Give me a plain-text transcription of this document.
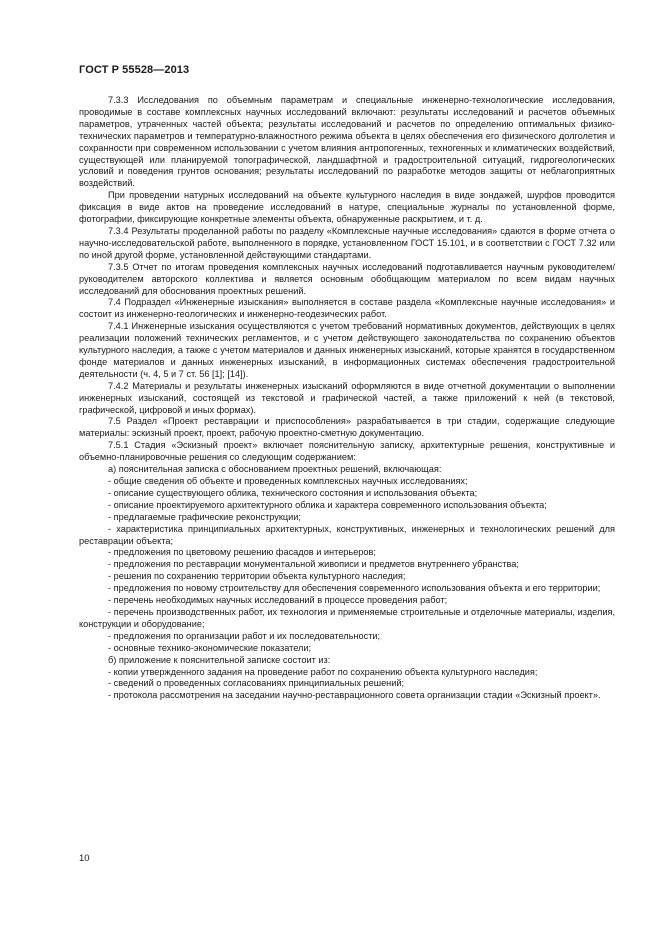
ГОСТ Р 55528—2013

7.3.3 Исследования по объемным параметрам и специальные инженерно-технологические исследования, проводимые в составе комплексных научных исследований включают: результаты исследований и расчетов объемных параметров, утраченных частей объекта; результаты исследований и расчетов по определению оптимальных физико-технических параметров и температурно-влажностного режима объекта в целях обеспечения его физического долголетия и сохранности при современном использовании с учетом влияния антропогенных, техногенных и климатических воздействий, существующей или планируемой топографической, ландшафтной и градостроительной ситуаций, гидрогеологических условий и поведения грунтов основания; результаты исследований по разработке методов защиты от неблагоприятных воздействий.

При проведении натурных исследований на объекте культурного наследия в виде зондажей, шурфов проводится фиксация в виде актов на проведение исследований в натуре, специальные журналы по установленной форме, фотографии, фиксирующие конкретные элементы объекта, обнаруженные раскрытием, и т. д.

7.3.4 Результаты проделанной работы по разделу «Комплексные научные исследования» сдаются в форме отчета о научно-исследовательской работе, выполненного в порядке, установленном ГОСТ 15.101, и в соответствии с ГОСТ 7.32 или по иной другой форме, установленной действующими стандартами.

7.3.5 Отчет по итогам проведения комплексных научных исследований подготавливается научным руководителем/руководителем авторского коллектива и является основным обобщающим материалом по всем видам научных исследований для обоснования проектных решений.

7.4 Подраздел «Инженерные изыскания» выполняется в составе раздела «Комплексные научные исследования» и состоит из инженерно-геологических и инженерно-геодезических работ.

7.4.1 Инженерные изыскания осуществляются с учетом требований нормативных документов, действующих в целях реализации положений технических регламентов, и с учетом действующего законодательства по сохранению объектов культурного наследия, а также с учетом материалов и данных инженерных изысканий, которые хранятся в государственном фонде материалов и данных инженерных изысканий, в информационных системах обеспечения градостроительной деятельности (ч. 4, 5 и 7 ст. 56 [1]; [14]).

7.4.2 Материалы и результаты инженерных изысканий оформляются в виде отчетной документации о выполнении инженерных изысканий, состоящей из текстовой и графической частей, а также приложений к ней (в текстовой, графической, цифровой и иных формах).

7.5 Раздел «Проект реставрации и приспособления» разрабатывается в три стадии, содержащие следующие материалы: эскизный проект, проект, рабочую проектно-сметную документацию.

7.5.1 Стадия «Эскизный проект» включает пояснительную записку, архитектурные решения, конструктивные и объемно-планировочные решения со следующим содержанием:

а) пояснительная записка с обоснованием проектных решений, включающая:

- общие сведения об объекте и проведенных комплексных научных исследованиях;

- описание существующего облика, технического состояния и использования объекта;

- описание проектируемого архитектурного облика и характера современного использования объекта;

- предлагаемые графические реконструкции;

- характеристика принципиальных архитектурных, конструктивных, инженерных и технологических решений для реставрации объекта;

- предложения по цветовому решению фасадов и интерьеров;

- предложения по реставрации монументальной живописи и предметов внутреннего убранства;

- решения по сохранению территории объекта культурного наследия;

- предложения по новому строительству для обеспечения современного использования объекта и его территории;

- перечень необходимых научных исследований в процессе проведения работ;

- перечень производственных работ, их технология и применяемые строительные и отделочные материалы, изделия, конструкции и оборудование;

- предложения по организации работ и их последовательности;

- основные технико-экономические показатели;

б) приложение к пояснительной записке состоит из:

- копии утвержденного задания на проведение работ по сохранению объекта культурного наследия;

- сведений о проведенных согласованиях принципиальных решений;

- протокола рассмотрения на заседании научно-реставрационного совета организации стадии «Эскизный проект».

10
